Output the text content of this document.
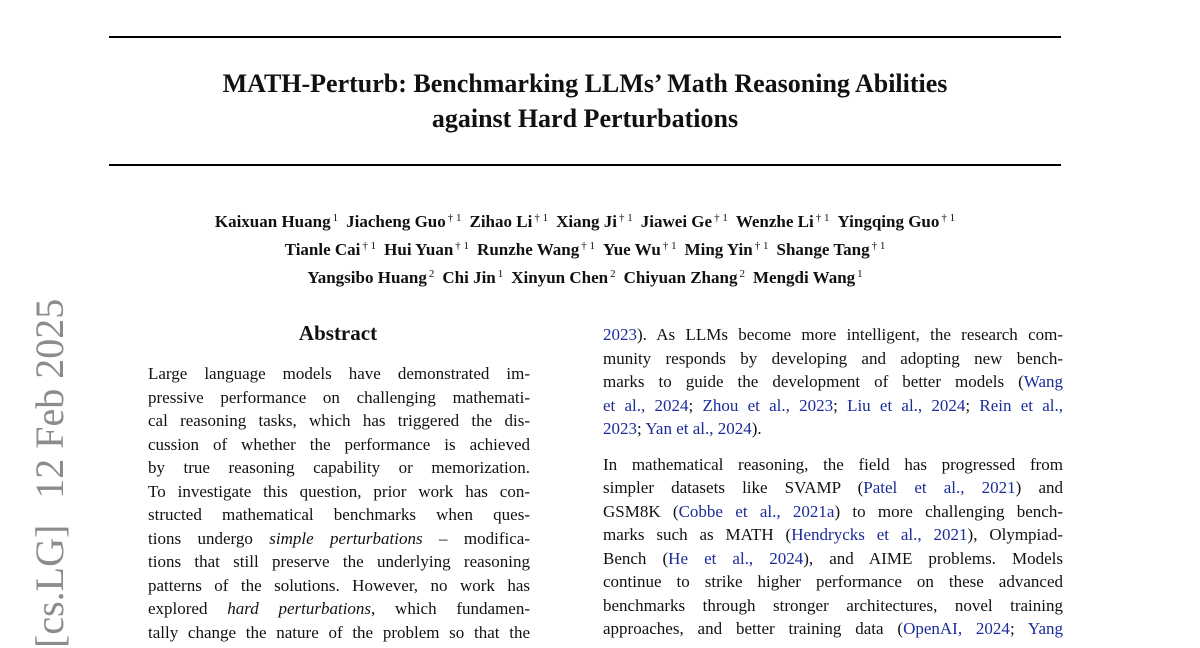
MATH-Perturb: Benchmarking LLMs’ Math Reasoning Abilities
against Hard Perturbations
Kaixuan Huang $^1$ Jiacheng Guo $^{\dagger 1}$ Zihao Li $^{\dagger 1}$ Xiang Ji $^{\dagger 1}$ Jiawei Ge $^{\dagger 1}$ Wenzhe Li $^{\dagger 1}$ Yingqing Guo $^{\dagger 1}$
Tianle Cai $^{\dagger 1}$ Hui Yuan $^{\dagger 1}$ Runzhe Wang $^{\dagger 1}$ Yue Wu $^{\dagger 1}$ Ming Yin $^{\dagger 1}$ Shange Tang $^{\dagger 1}$
Yangsibo Huang $^2$ Chi Jin $^1$ Xinyun Chen $^2$ Chiyuan Zhang $^2$ Mengdi Wang $^1$
[cs.LG] 12 Feb 2025	Abstract
Large language models have demonstrated im-
pressive performance on challenging mathemati-
cal reasoning tasks, which has triggered the dis-
cussion of whether the performance is achieved
by true reasoning capability or memorization.
To investigate this question, prior work has con-
structed mathematical benchmarks when ques-
tions undergo simple perturbations – modifica-
tions that still preserve the underlying reasoning
patterns of the solutions. However, no work has
explored hard perturbations, which fundamen-
tally change the nature of the problem so that the
2023). As LLMs become more intelligent, the research com-
munity responds by developing and adopting new bench-
marks to guide the development of better models (Wang
et al., 2024; Zhou et al., 2023; Liu et al., 2024; Rein et al.,
2023; Yan et al., 2024).
In mathematical reasoning, the field has progressed from
simpler datasets like SVAMP (Patel et al., 2021) and
GSM8K (Cobbe et al., 2021a) to more challenging bench-
marks such as MATH (Hendrycks et al., 2021), Olympiad-
Bench (He et al., 2024), and AIME problems. Models
continue to strike higher performance on these advanced
benchmarks through stronger architectures, novel training
approaches, and better training data (OpenAI, 2024; Yang
